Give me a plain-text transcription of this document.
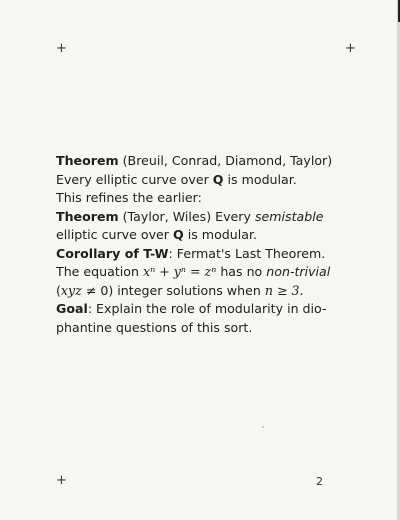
+	+
+

Theorem (Breuil, Conrad, Diamond, Taylor)
Every elliptic curve over Q is modular.

This refines the earlier:

Theorem (Taylor, Wiles) Every semistable
elliptic curve over Q is modular.

Corollary of T-W: Fermat's Last Theorem.
The equation xⁿ + yⁿ = zⁿ has no non-trivial
(xyz ≠ 0) integer solutions when n ≥ 3.

Goal: Explain the role of modularity in dio- phantine questions of this sort.

2
